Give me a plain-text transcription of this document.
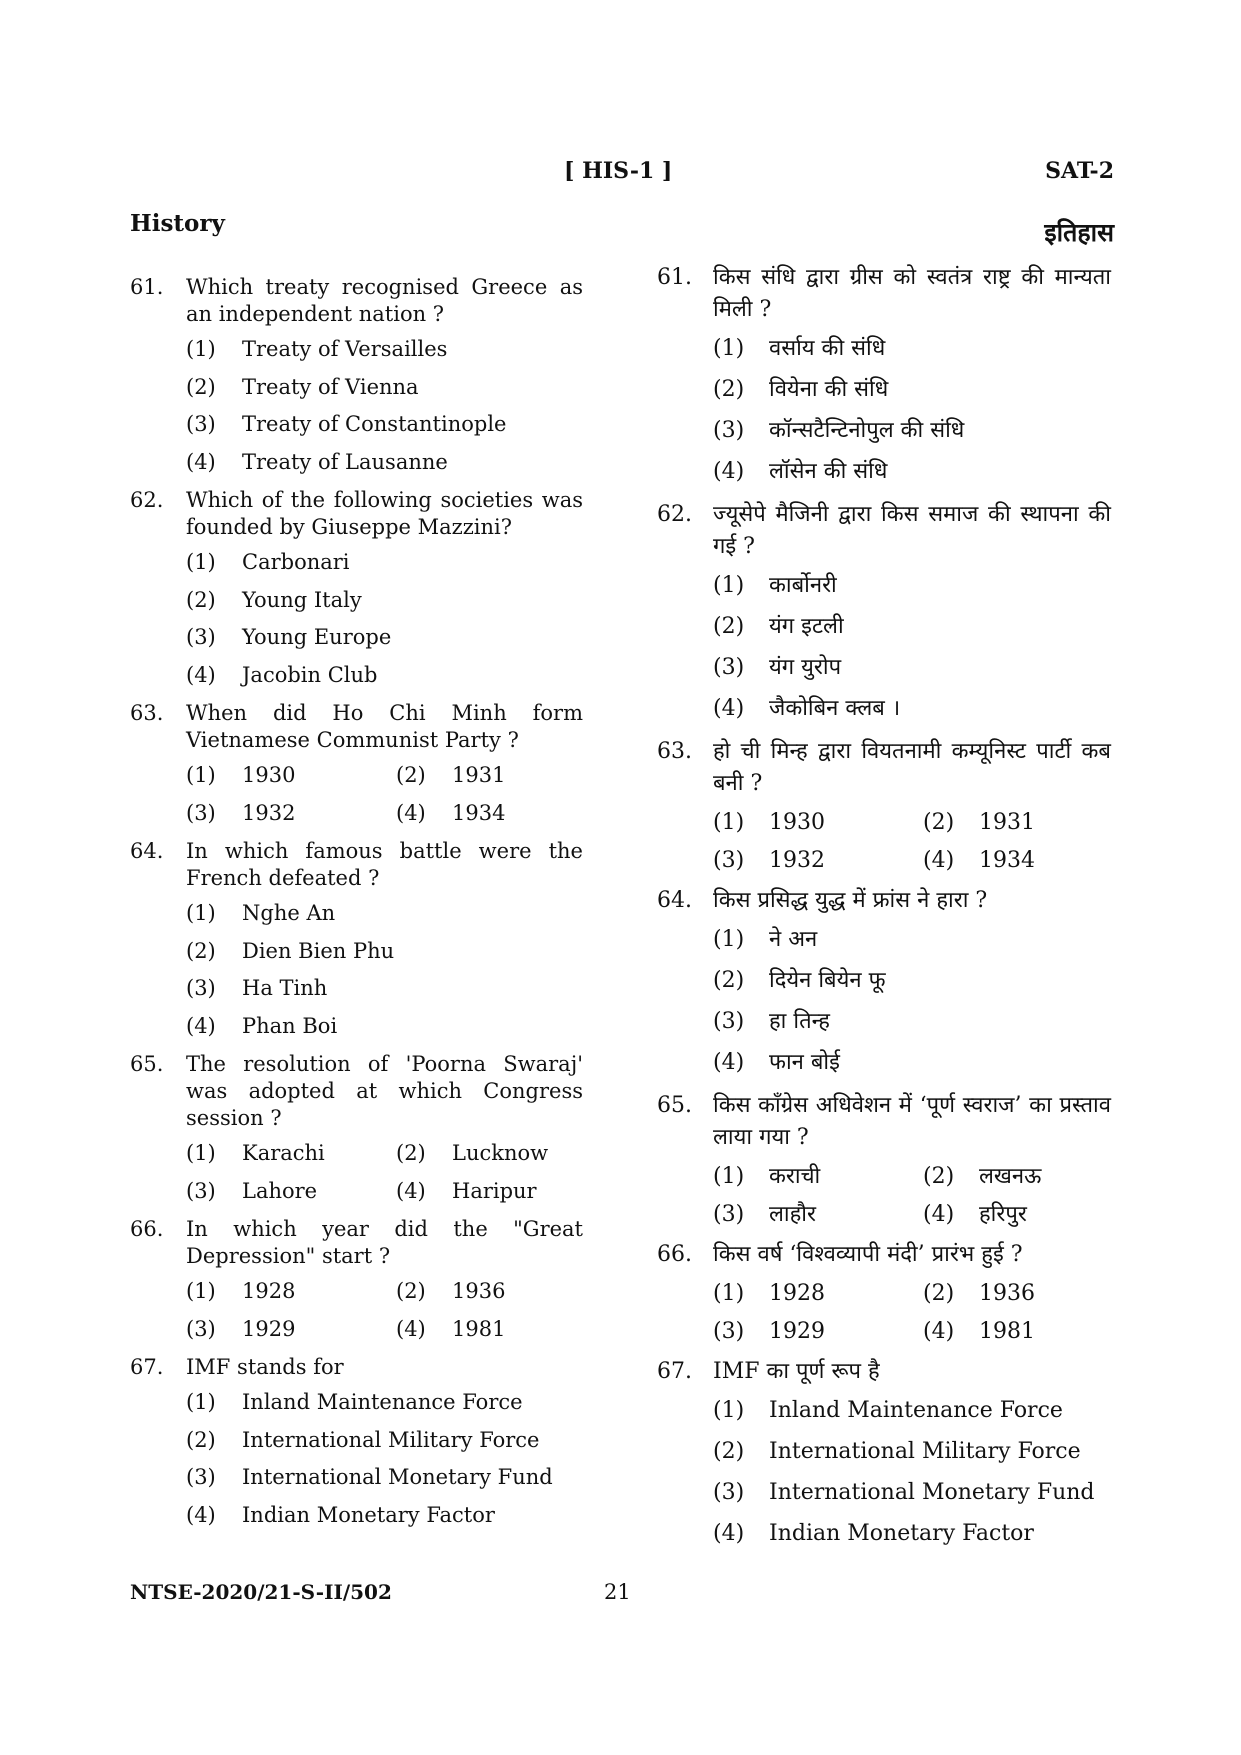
[ HIS-1 ]	SAT-2
History	इतिहास
61.	Which treaty recognised Greece as an independent nation ?
(1)	Treaty of Versailles
(2)	Treaty of Vienna
(3)	Treaty of Constantinople
(4)	Treaty of Lausanne
62.	Which of the following societies was founded by Giuseppe Mazzini?
(1)	Carbonari
(2)	Young Italy
(3)	Young Europe
(4)	Jacobin Club
63.	When did Ho Chi Minh form Vietnamese Communist Party ?
(1)	1930	(2)	1931
(3)	1932	(4)	1934
64.	In which famous battle were the French defeated ?
(1)	Nghe An
(2)	Dien Bien Phu
(3)	Ha Tinh
(4)	Phan Boi
65.	The resolution of 'Poorna Swaraj' was adopted at which Congress session ?
(1)	Karachi	(2)	Lucknow
(3)	Lahore	(4)	Haripur
66.	In which year did the "Great Depression" start ?
(1)	1928	(2)	1936
(3)	1929	(4)	1981
67.	IMF stands for
(1)	Inland Maintenance Force
(2)	International Military Force
(3)	International Monetary Fund
(4)	Indian Monetary Factor
61. किस संधि द्वारा ग्रीस को स्वतंत्र राष्ट्र की मान्यता मिली ?
(1)	वर्साय की संधि
(2)	वियेना की संधि
(3)	कॉन्सटैन्टिनोपुल की संधि
(4)	लॉसेन की संधि
62. ज्यूसेपे मैजिनी द्वारा किस समाज की स्थापना की गई ?
(1)	कार्बोनरी
(2)	यंग इटली
(3)	यंग युरोप
(4)	जैकोबिन क्लब ।
63. हो ची मिन्ह द्वारा वियतनामी कम्यूनिस्ट पार्टी कब बनी ?
(1)	1930	(2)	1931
(3)	1932	(4)	1934
64. किस प्रसिद्ध युद्ध में फ्रांस ने हारा ?
(1)	ने अन
(2)	दियेन बियेन फू
(3)	हा तिन्ह
(4)	फान बोई
65. किस काँग्रेस अधिवेशन में ‘पूर्ण स्वराज’ का प्रस्ताव लाया गया ?
(1)	कराची	(2)	लखनऊ
(3)	लाहौर	(4)	हरिपुर
66. किस वर्ष ‘विश्वव्यापी मंदी’ प्रारंभ हुई ?
(1)	1928	(2)	1936
(3)	1929	(4)	1981
67. IMF का पूर्ण रूप है
(1)	Inland Maintenance Force
(2)	International Military Force
(3)	International Monetary Fund
(4)	Indian Monetary Factor
NTSE-2020/21-S-II/502	21
